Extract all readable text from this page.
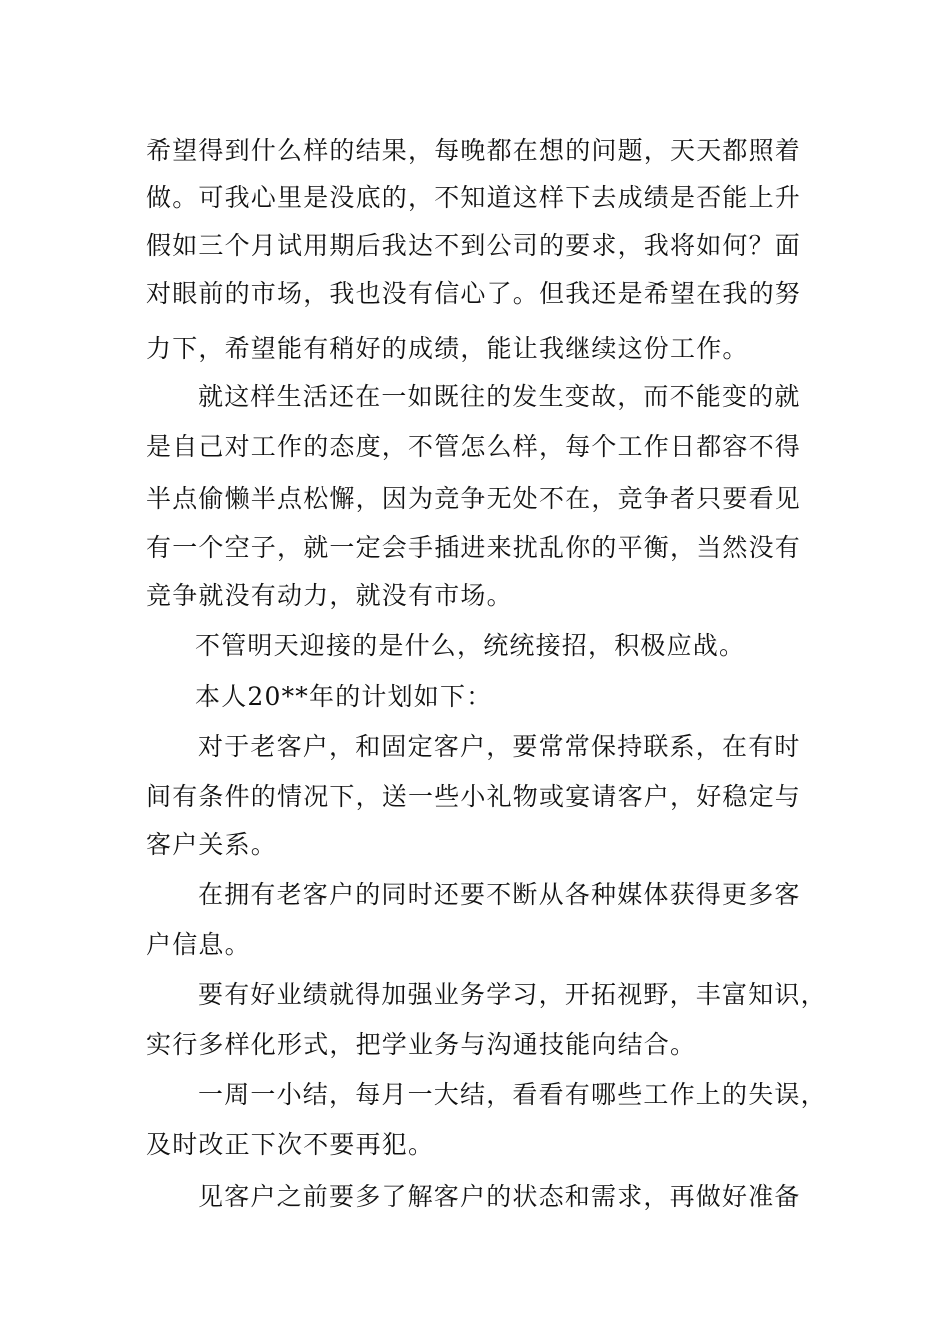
希望得到什么样的结果，每晚都在想的问题，天天都照着
做。可我心里是没底的，不知道这样下去成绩是否能上升
假如三个月试用期后我达不到公司的要求，我将如何？面
对眼前的市场，我也没有信心了。但我还是希望在我的努
力下，希望能有稍好的成绩，能让我继续这份工作。
就这样生活还在一如既往的发生变故，而不能变的就
是自己对工作的态度，不管怎么样，每个工作日都容不得
半点偷懒半点松懈，因为竞争无处不在，竞争者只要看见
有一个空子，就一定会手插进来扰乱你的平衡，当然没有
竞争就没有动力，就没有市场。
不管明天迎接的是什么，统统接招，积极应战。
本人20**年的计划如下：
对于老客户，和固定客户，要常常保持联系，在有时
间有条件的情况下，送一些小礼物或宴请客户，好稳定与
客户关系。
在拥有老客户的同时还要不断从各种媒体获得更多客
户信息。
要有好业绩就得加强业务学习，开拓视野，丰富知识，
实行多样化形式，把学业务与沟通技能向结合。
一周一小结，每月一大结，看看有哪些工作上的失误，
及时改正下次不要再犯。
见客户之前要多了解客户的状态和需求，再做好准备
